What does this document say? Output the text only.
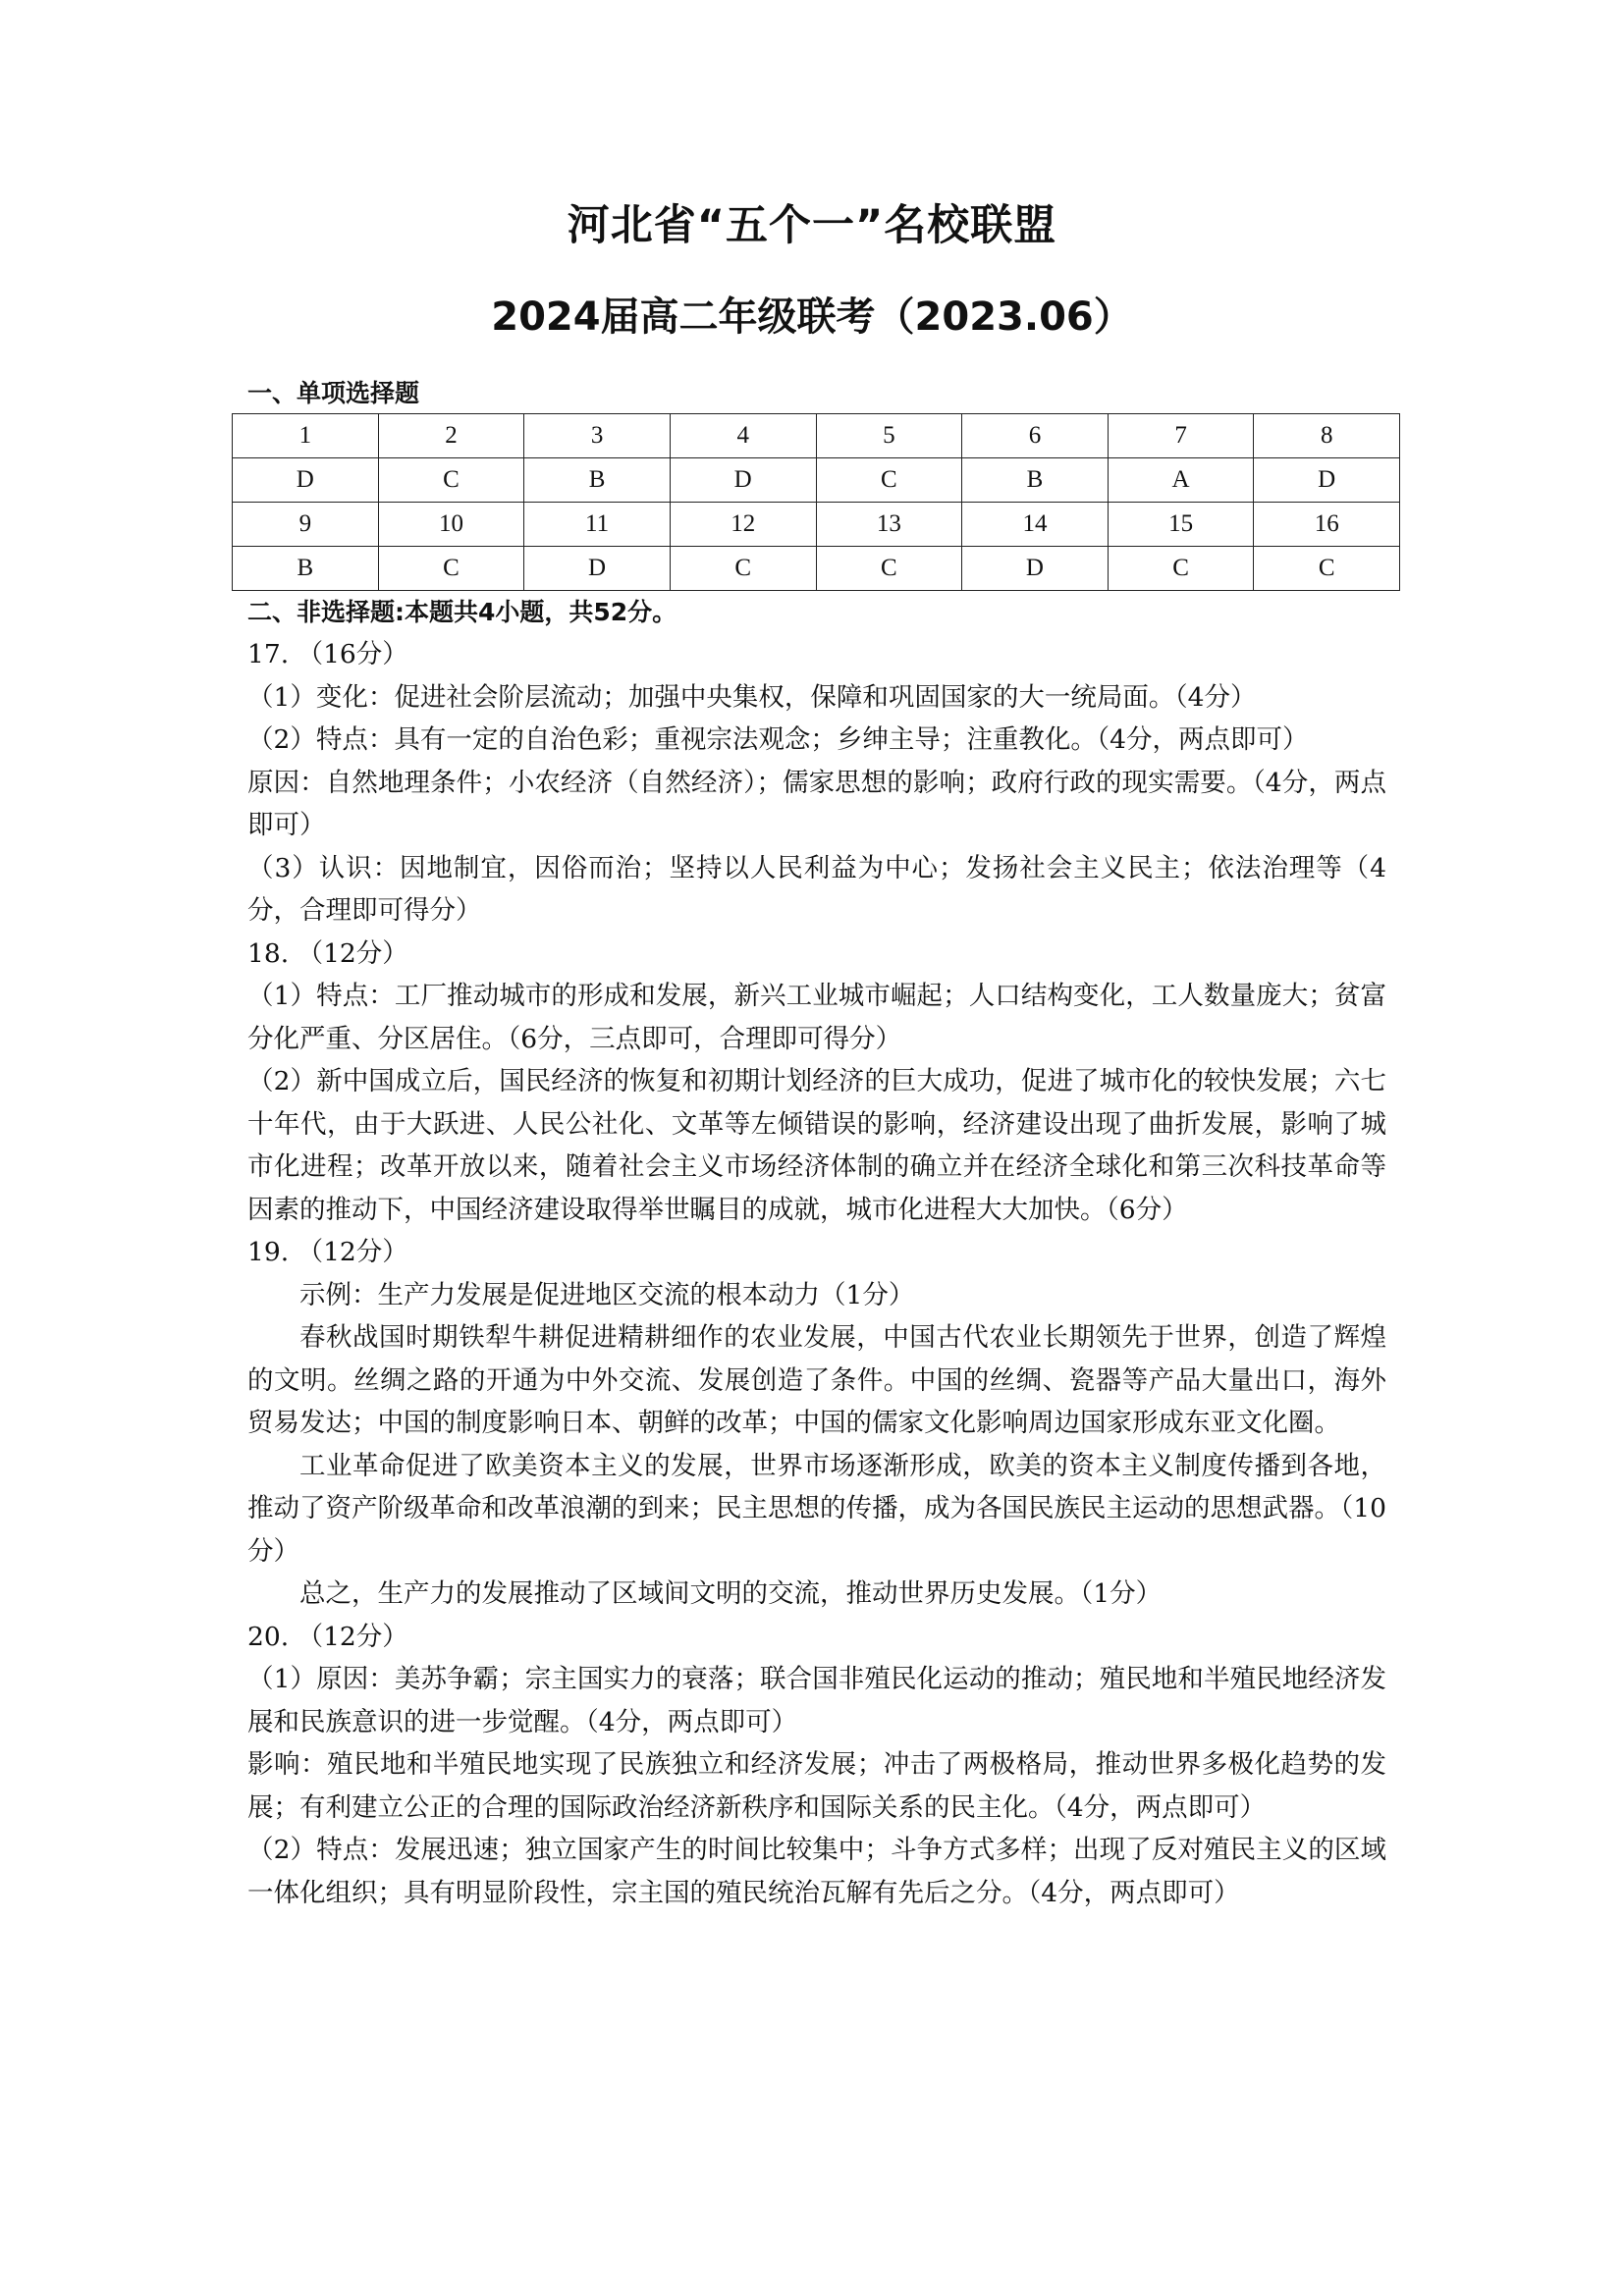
河北省“五个一”名校联盟
2024届高二年级联考（2023.06）
一、单项选择题
1	2	3	4	5	6	7	8
D	C	B	D	C	B	A	D
9	10	11	12	13	14	15	16
B	C	D	C	C	D	C	C
二、非选择题:本题共4小题，共52分。

17. （16分）

（1）变化：促进社会阶层流动；加强中央集权，保障和巩固国家的大一统局面。（4分）

（2）特点：具有一定的自治色彩；重视宗法观念；乡绅主导；注重教化。（4分，两点即可）

原因：自然地理条件；小农经济（自然经济）；儒家思想的影响；政府行政的现实需要。（4分，两点即可）

（3）认识：因地制宜，因俗而治；坚持以人民利益为中心；发扬社会主义民主；依法治理等（4分，合理即可得分）

18. （12分）

（1）特点：工厂推动城市的形成和发展，新兴工业城市崛起；人口结构变化，工人数量庞大；贫富分化严重、分区居住。（6分，三点即可，合理即可得分）

（2）新中国成立后，国民经济的恢复和初期计划经济的巨大成功，促进了城市化的较快发展；六七十年代，由于大跃进、人民公社化、文革等左倾错误的影响，经济建设出现了曲折发展，影响了城市化进程；改革开放以来，随着社会主义市场经济体制的确立并在经济全球化和第三次科技革命等因素的推动下，中国经济建设取得举世瞩目的成就，城市化进程大大加快。（6分）

19. （12分）

示例：生产力发展是促进地区交流的根本动力（1分）

春秋战国时期铁犁牛耕促进精耕细作的农业发展，中国古代农业长期领先于世界，创造了辉煌的文明。丝绸之路的开通为中外交流、发展创造了条件。中国的丝绸、瓷器等产品大量出口，海外贸易发达；中国的制度影响日本、朝鲜的改革；中国的儒家文化影响周边国家形成东亚文化圈。

工业革命促进了欧美资本主义的发展，世界市场逐渐形成，欧美的资本主义制度传播到各地，推动了资产阶级革命和改革浪潮的到来；民主思想的传播，成为各国民族民主运动的思想武器。（10分）

总之，生产力的发展推动了区域间文明的交流，推动世界历史发展。（1分）

20. （12分）

（1）原因：美苏争霸；宗主国实力的衰落；联合国非殖民化运动的推动；殖民地和半殖民地经济发展和民族意识的进一步觉醒。（4分，两点即可）

影响：殖民地和半殖民地实现了民族独立和经济发展；冲击了两极格局，推动世界多极化趋势的发展；有利建立公正的合理的国际政治经济新秩序和国际关系的民主化。（4分，两点即可）

（2）特点：发展迅速；独立国家产生的时间比较集中；斗争方式多样；出现了反对殖民主义的区域一体化组织；具有明显阶段性，宗主国的殖民统治瓦解有先后之分。（4分，两点即可）
